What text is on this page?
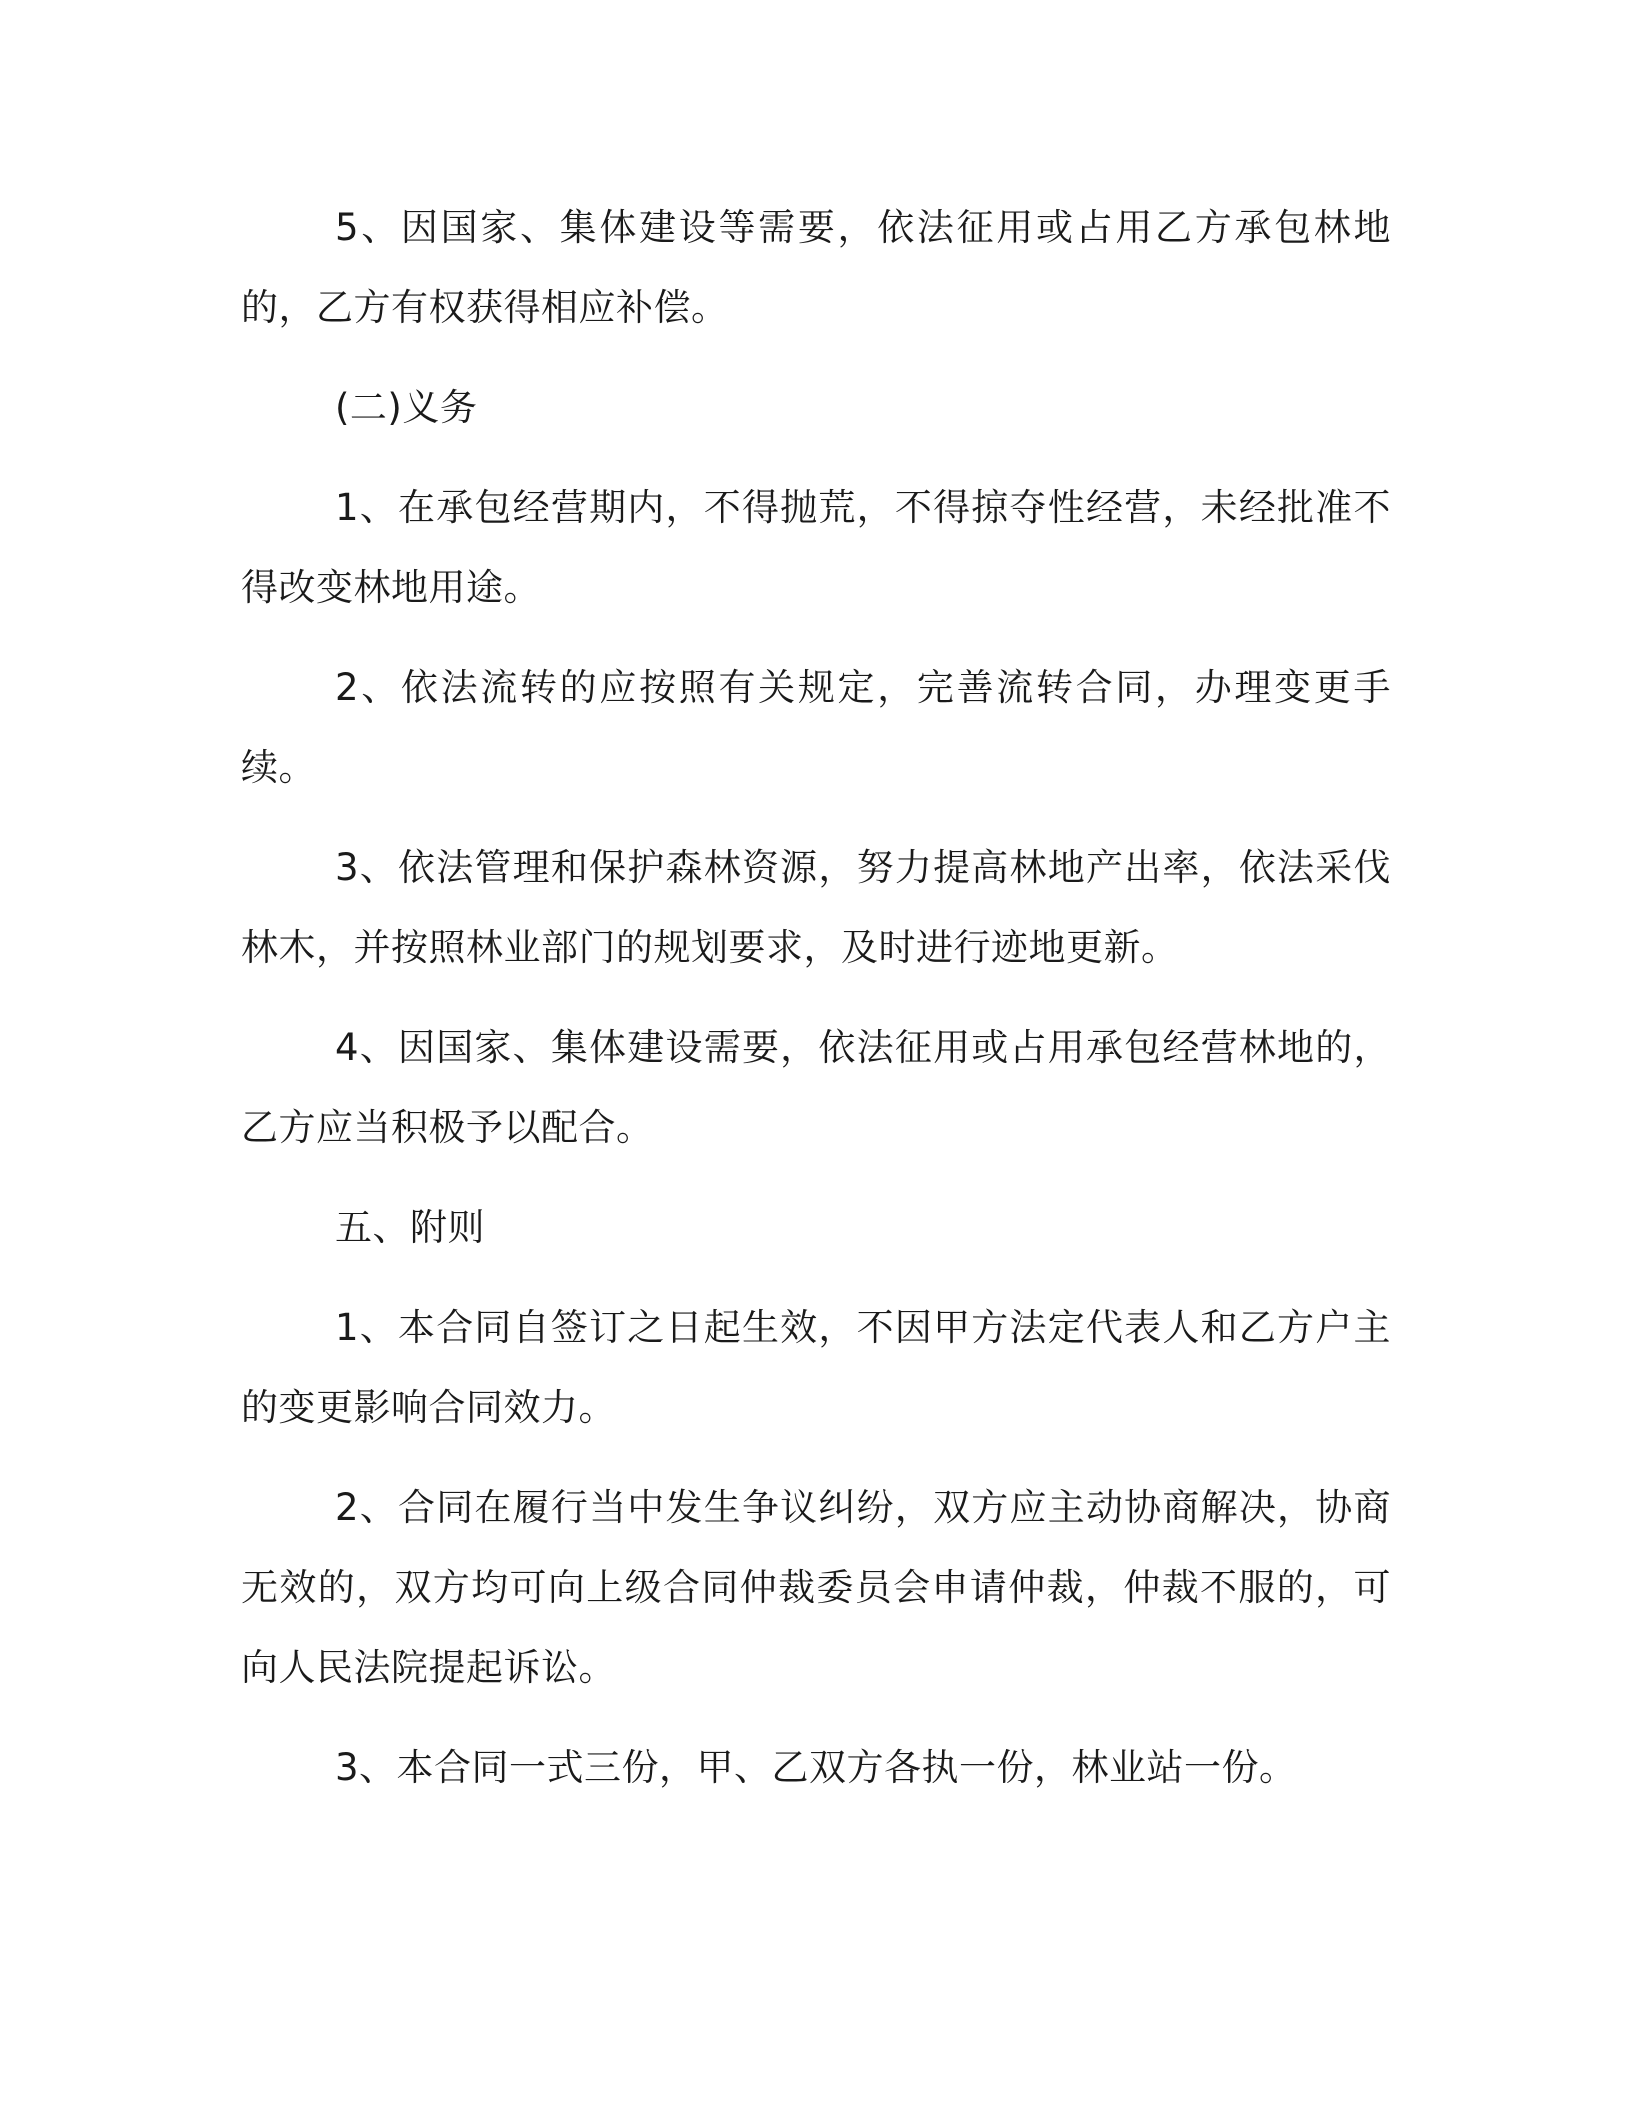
5、因国家、集体建设等需要，依法征用或占用乙方承包林地的，乙方有权获得相应补偿。

(二)义务

1、在承包经营期内，不得抛荒，不得掠夺性经营，未经批准不得改变林地用途。

2、依法流转的应按照有关规定，完善流转合同，办理变更手续。

3、依法管理和保护森林资源，努力提高林地产出率，依法采伐林木，并按照林业部门的规划要求，及时进行迹地更新。

4、因国家、集体建设需要，依法征用或占用承包经营林地的，乙方应当积极予以配合。

五、附则

1、本合同自签订之日起生效，不因甲方法定代表人和乙方户主的变更影响合同效力。

2、合同在履行当中发生争议纠纷，双方应主动协商解决，协商无效的，双方均可向上级合同仲裁委员会申请仲裁，仲裁不服的，可向人民法院提起诉讼。

3、本合同一式三份，甲、乙双方各执一份，林业站一份。
